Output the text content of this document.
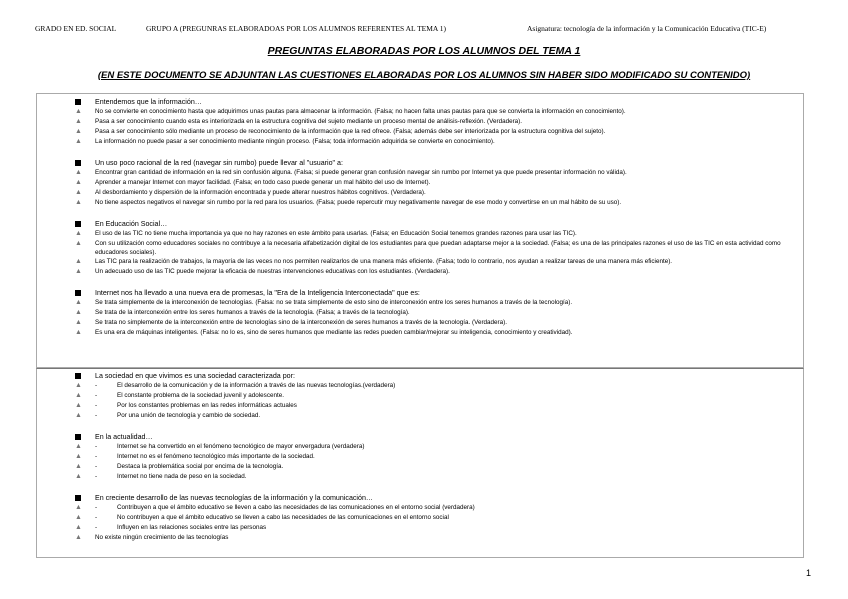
GRADO EN ED. SOCIAL	GRUPO A (PREGUNRAS ELABORADOAS POR LOS ALUMNOS REFERENTES AL TEMA 1)	Asignatura: tecnología de la información y la Comunicación Educativa (TIC-E)
PREGUNTAS ELABORADAS POR LOS ALUMNOS DEL TEMA 1
(EN ESTE DOCUMENTO SE ADJUNTAN LAS CUESTIONES ELABORADAS POR LOS ALUMNOS SIN HABER SIDO MODIFICADO SU CONTENIDO)
Entendemos que la información…
▲ No se convierte en conocimiento hasta que adquirimos unas pautas para almacenar la información. (Falsa; no hacen falta unas pautas para que se convierta la información en conocimiento).
▲ Pasa a ser conocimiento cuando esta es interiorizada en la estructura cognitiva del sujeto mediante un proceso mental de análisis-reflexión. (Verdadera).
▲ Pasa a ser conocimiento sólo mediante un proceso de reconocimiento de la información que la red ofrece. (Falsa; además debe ser interiorizada por la estructura cognitiva del sujeto).
▲ La información no puede pasar a ser conocimiento mediante ningún proceso. (Falsa; toda información adquirida se convierte en conocimiento).
Un uso poco racional de la red (navegar sin rumbo) puede llevar al "usuario" a:
▲ Encontrar gran cantidad de información en la red sin confusión alguna. (Falsa; si puede generar gran confusión navegar sin rumbo por Internet ya que puede presentar información no válida).
▲ Aprender a manejar Internet con mayor facilidad. (Falsa; en todo caso puede generar un mal hábito del uso de Internet).
▲ Al desbordamiento y dispersión de la información encontrada y puede alterar nuestros hábitos cognitivos. (Verdadera).
▲ No tiene aspectos negativos el navegar sin rumbo por la red para los usuarios. (Falsa; puede repercutir muy negativamente navegar de ese modo y convertirse en un mal hábito de su uso).
En Educación Social…
▲ El uso de las TIC no tiene mucha importancia ya que no hay razones en este ámbito para usarlas. (Falsa; en Educación Social tenemos grandes razones para usar las TIC).
▲ Con su utilización como educadores sociales no contribuye a la necesaria alfabetización digital de los estudiantes para que puedan adaptarse mejor a la sociedad. (Falsa; es una de las principales razones el uso de las TIC en esta actividad como educadores sociales).
▲ Las TIC para la realización de trabajos, la mayoría de las veces no nos permiten realizarlos de una manera más eficiente. (Falsa; todo lo contrario, nos ayudan a realizar tareas de una manera más eficiente).
▲ Un adecuado uso de las TIC puede mejorar la eficacia de nuestras intervenciones educativas con los estudiantes. (Verdadera).
Internet nos ha llevado a una nueva era de promesas, la "Era de la Inteligencia Interconectada" que es:
▲ Se trata simplemente de la interconexión de tecnologías. (Falsa: no se trata simplemente de esto sino de interconexión entre los seres humanos a través de la tecnología).
▲ Se trata de la interconexión entre los seres humanos a través de la tecnología. (Falsa; a través de la tecnología).
▲ Se trata no simplemente de la interconexión entre de tecnologías sino de la interconexión de seres humanos a través de la tecnología. (Verdadera).
▲ Es una era de máquinas inteligentes. (Falsa: no lo es, sino de seres humanos que mediante las redes pueden cambiar/mejorar su inteligencia, conocimiento y creatividad).
La sociedad en que vivimos es una sociedad caracterizada por:
▲ -	El desarrollo de la comunicación y de la información a través de las nuevas tecnologías.(verdadera)
▲ -	El constante problema de la sociedad juvenil y adolescente.
▲ -	Por los constantes problemas en las redes informáticas actuales
▲ -	Por una unión de tecnología y cambio de sociedad.
En la actualidad…
▲ -	Internet se ha convertido en el fenómeno tecnológico de mayor envergadura (verdadera)
▲ -	Internet no es el fenómeno tecnológico más importante de la sociedad.
▲ -	Destaca la problemática social por encima de la tecnología.
▲ -	Internet no tiene nada de peso en la sociedad.
En creciente desarrollo de las nuevas tecnologías de la información y la comunicación…
▲ -	Contribuyen a que el ámbito educativo se lleven a cabo las necesidades de las comunicaciones en el entorno social (verdadera)
▲ -	No contribuyen a que el ámbito educativo se lleven a cabo las necesidades de las comunicaciones en el entorno social
▲ -	Influyen en las relaciones sociales entre las personas
▲ No existe ningún crecimiento de las tecnologías
1
